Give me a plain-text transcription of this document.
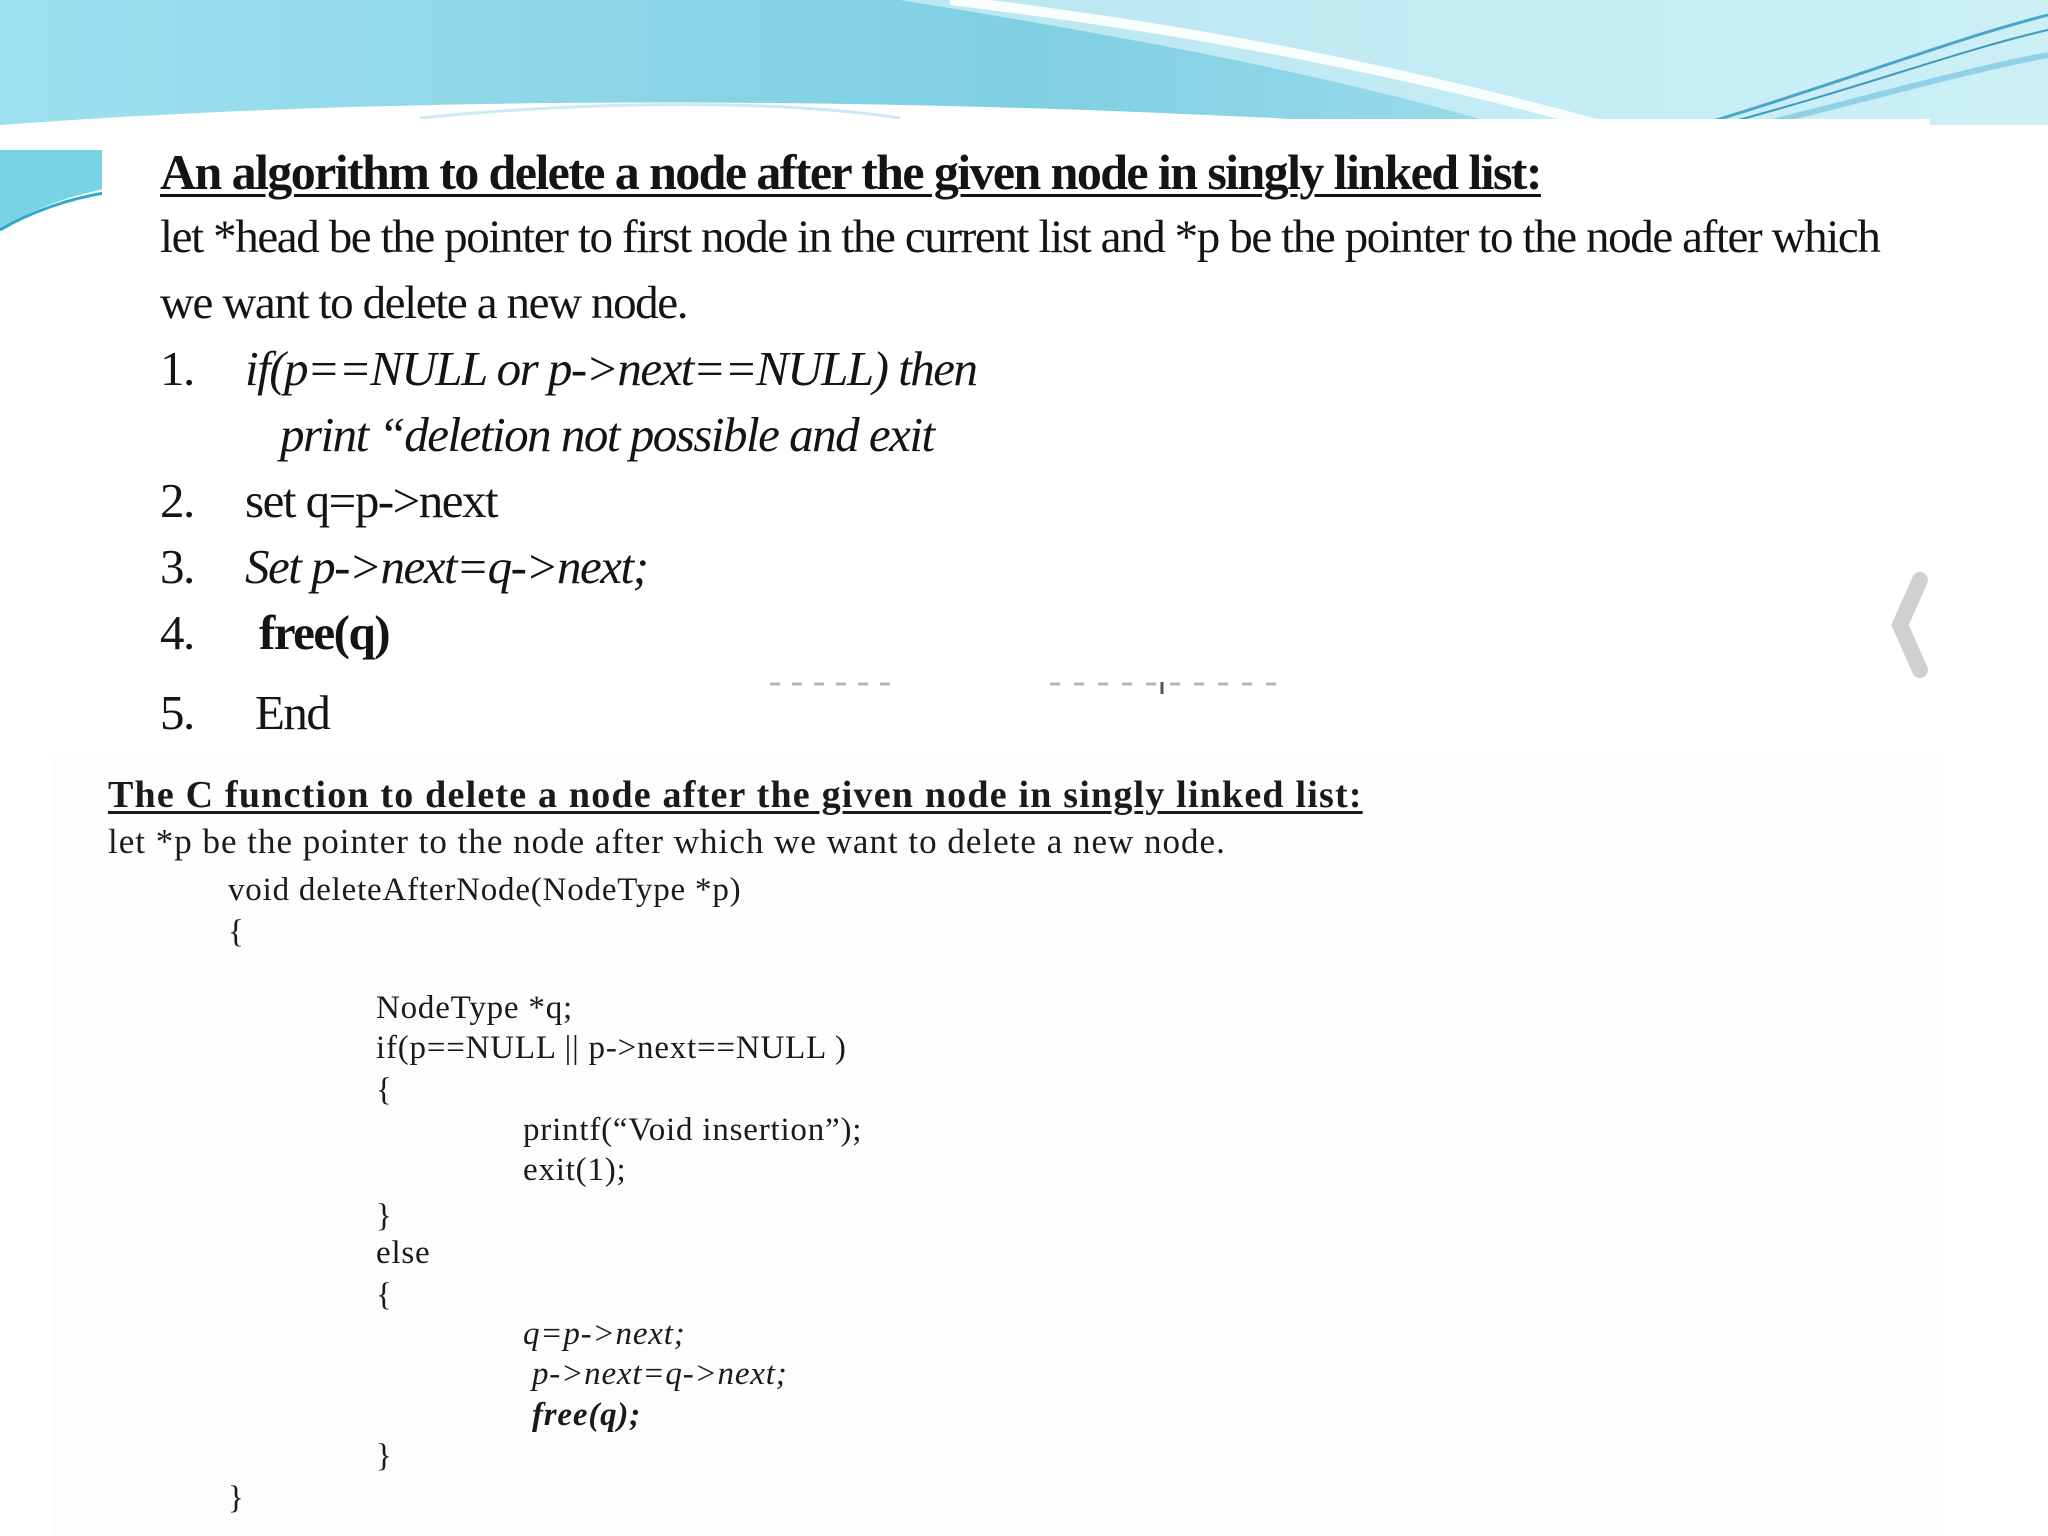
An algorithm to delete a node after the given node in singly linked list:
let *head be the pointer to first node in the current list and *p be the pointer to the node after which we want to delete a new node.
1. if(p==NULL or p->next==NULL) then
print “deletion not possible and exit
2. set q=p->next
3. Set p->next=q->next;
4. free(q)
5. End
The C function to delete a node after the given node in singly linked list:
let *p be the pointer to the node after which we want to delete a new node.
void deleteAfterNode(NodeType *p)
{
NodeType *q;
if(p==NULL || p->next==NULL )
{
printf(“Void insertion”);
exit(1);
}
else
{
q=p->next;
p->next=q->next;
free(q);
}
}
